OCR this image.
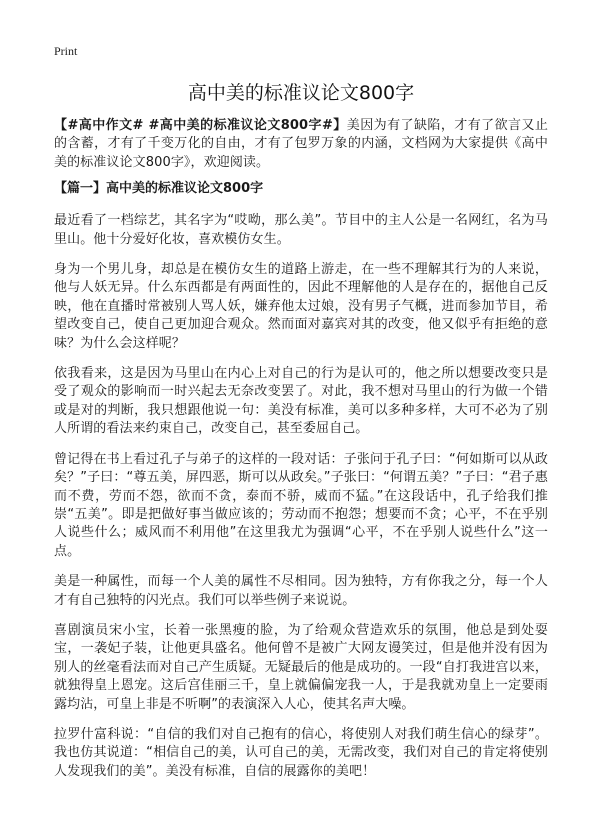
Print
高中美的标准议论文800字

【#高中作文# #高中美的标准议论文800字#】美因为有了缺陷，才有了欲言又止的含蓄，才有了千变万化的自由，才有了包罗万象的内涵，文档网为大家提供《高中美的标准议论文800字》，欢迎阅读。

【篇一】高中美的标准议论文800字

最近看了一档综艺，其名字为“哎呦，那么美”。节目中的主人公是一名网红，名为马里山。他十分爱好化妆，喜欢模仿女生。

身为一个男儿身，却总是在模仿女生的道路上游走，在一些不理解其行为的人来说，他与人妖无异。什么东西都是有两面性的，因此不理解他的人是存在的，据他自己反映，他在直播时常被别人骂人妖，嫌弃他太过娘，没有男子气概，进而参加节目，希望改变自己，使自己更加迎合观众。然而面对嘉宾对其的改变，他又似乎有拒绝的意味？为什么会这样呢？

依我看来，这是因为马里山在内心上对自己的行为是认可的，他之所以想要改变只是受了观众的影响而一时兴起去无奈改变罢了。对此，我不想对马里山的行为做一个错或是对的判断，我只想跟他说一句：美没有标准，美可以多种多样，大可不必为了别人所谓的看法来约束自己，改变自己，甚至委屈自己。

曾记得在书上看过孔子与弟子的这样的一段对话：子张问于孔子曰：“何如斯可以从政矣？”子曰：“尊五美，屏四恶，斯可以从政矣。”子张曰：“何谓五美？”子曰：“君子惠而不费，劳而不怨，欲而不贪，泰而不骄，威而不猛。”在这段话中，孔子给我们推崇“五美”。即是把做好事当做应该的；劳动而不抱怨；想要而不贪；心平，不在乎别人说些什么；威风而不利用他”在这里我尤为强调“心平，不在乎别人说些什么”这一点。

美是一种属性，而每一个人美的属性不尽相同。因为独特，方有你我之分，每一个人才有自己独特的闪光点。我们可以举些例子来说说。

喜剧演员宋小宝，长着一张黑瘦的脸，为了给观众营造欢乐的氛围，他总是到处耍宝，一袭妃子装，让他更具盛名。他何曾不是被广大网友谩笑过，但是他并没有因为别人的丝毫看法而对自己产生质疑。无疑最后的他是成功的。一段“自打我进宫以来，就独得皇上恩宠。这后宫佳丽三千，皇上就偏偏宠我一人，于是我就劝皇上一定要雨露均沾，可皇上非是不听啊”的表演深入人心，使其名声大噪。

拉罗什富科说：“自信的我们对自己抱有的信心，将使别人对我们萌生信心的绿芽”。我也仿其说道：“相信自己的美，认可自己的美，无需改变，我们对自己的肯定将使别人发现我们的美”。美没有标准，自信的展露你的美吧！
